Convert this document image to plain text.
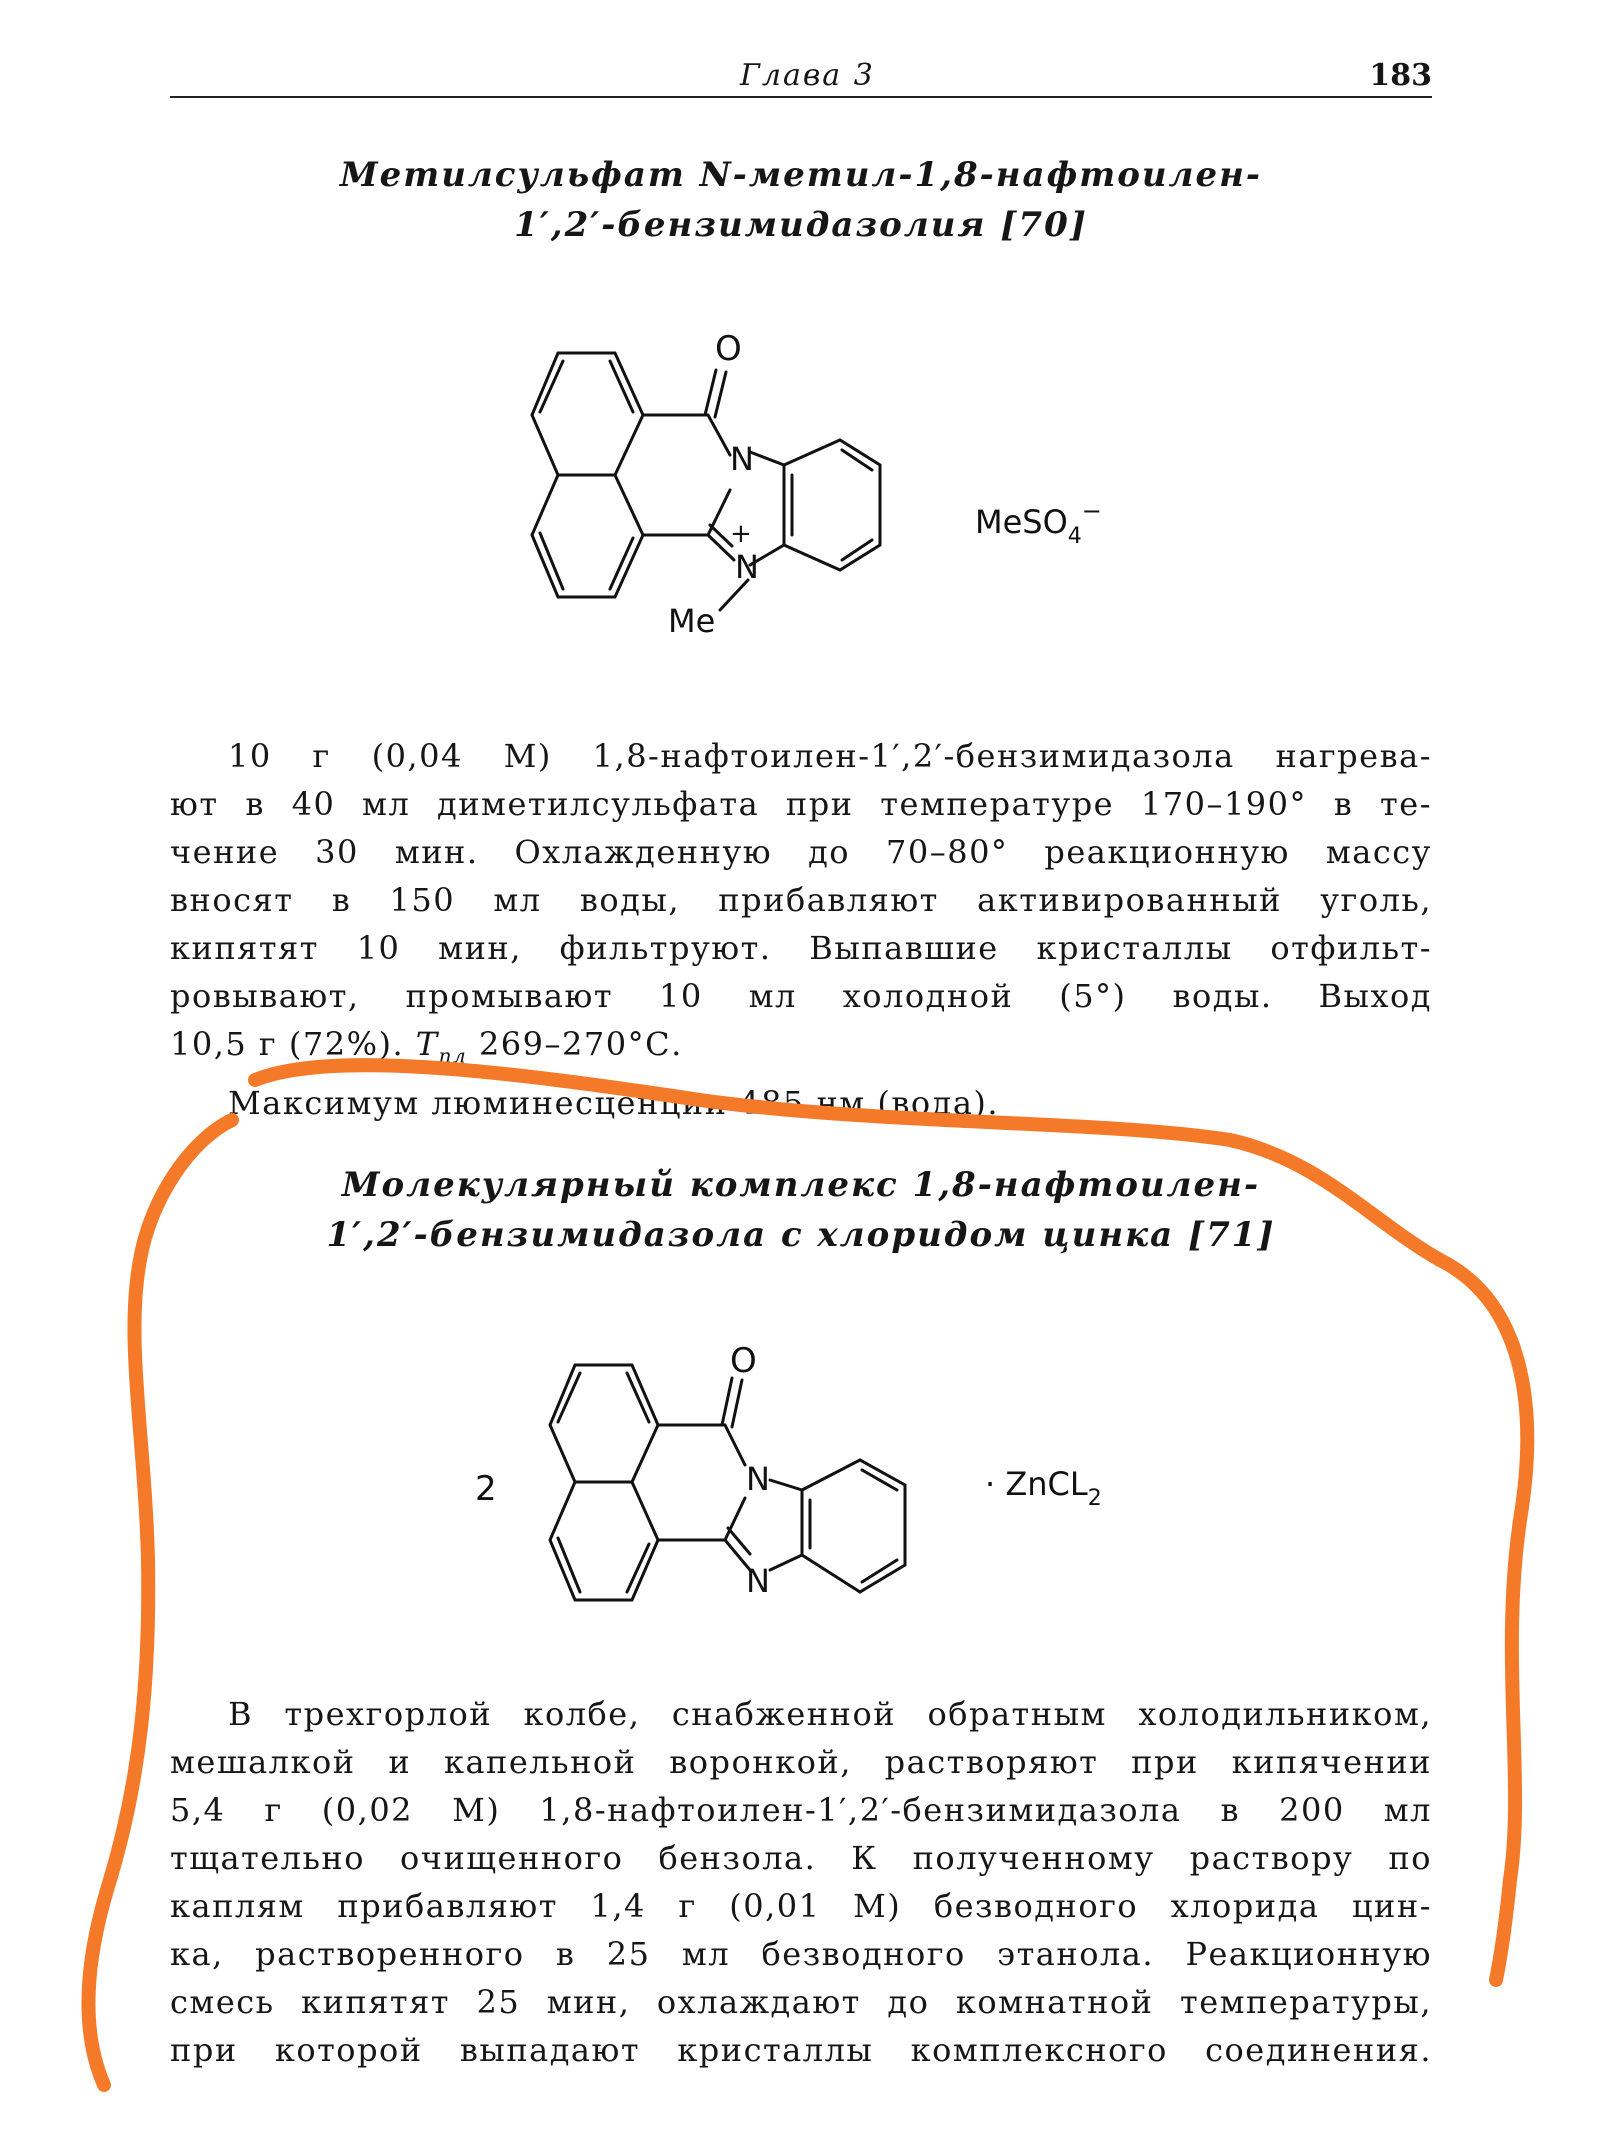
Глава 3	183
Метилсульфат N-метил-1,8-нафтоилен-
1′,2′-бензимидазолия [70]
O
N
N
+
Me
MeSO$_4$−
10 г (0,04 М) 1,8-нафтоилен-1′,2′-бензимидазола нагрева-
ют в 40 мл диметилсульфата при температуре 170–190° в те-
чение 30 мин. Охлажденную до 70–80° реакционную массу
вносят в 150 мл воды, прибавляют активированный уголь,
кипятят 10 мин, фильтруют. Выпавшие кристаллы отфильт-
ровывают, промывают 10 мл холодной (5°) воды. Выход
10,5 г (72%). $T_{пл}$ 269–270°С.
Максимум люминесценции 485 нм (вода).
Молекулярный комплекс 1,8-нафтоилен-
1′,2′-бензимидазола с хлоридом цинка [71]
2
O
N
N
· ZnCL$_2$
В трехгорлой колбе, снабженной обратным холодильником,
мешалкой и капельной воронкой, растворяют при кипячении
5,4 г (0,02 М) 1,8-нафтоилен-1′,2′-бензимидазола в 200 мл
тщательно очищенного бензола. К полученному раствору по
каплям прибавляют 1,4 г (0,01 М) безводного хлорида цин-
ка, растворенного в 25 мл безводного этанола. Реакционную
смесь кипятят 25 мин, охлаждают до комнатной температуры,
при которой выпадают кристаллы комплексного соединения.
